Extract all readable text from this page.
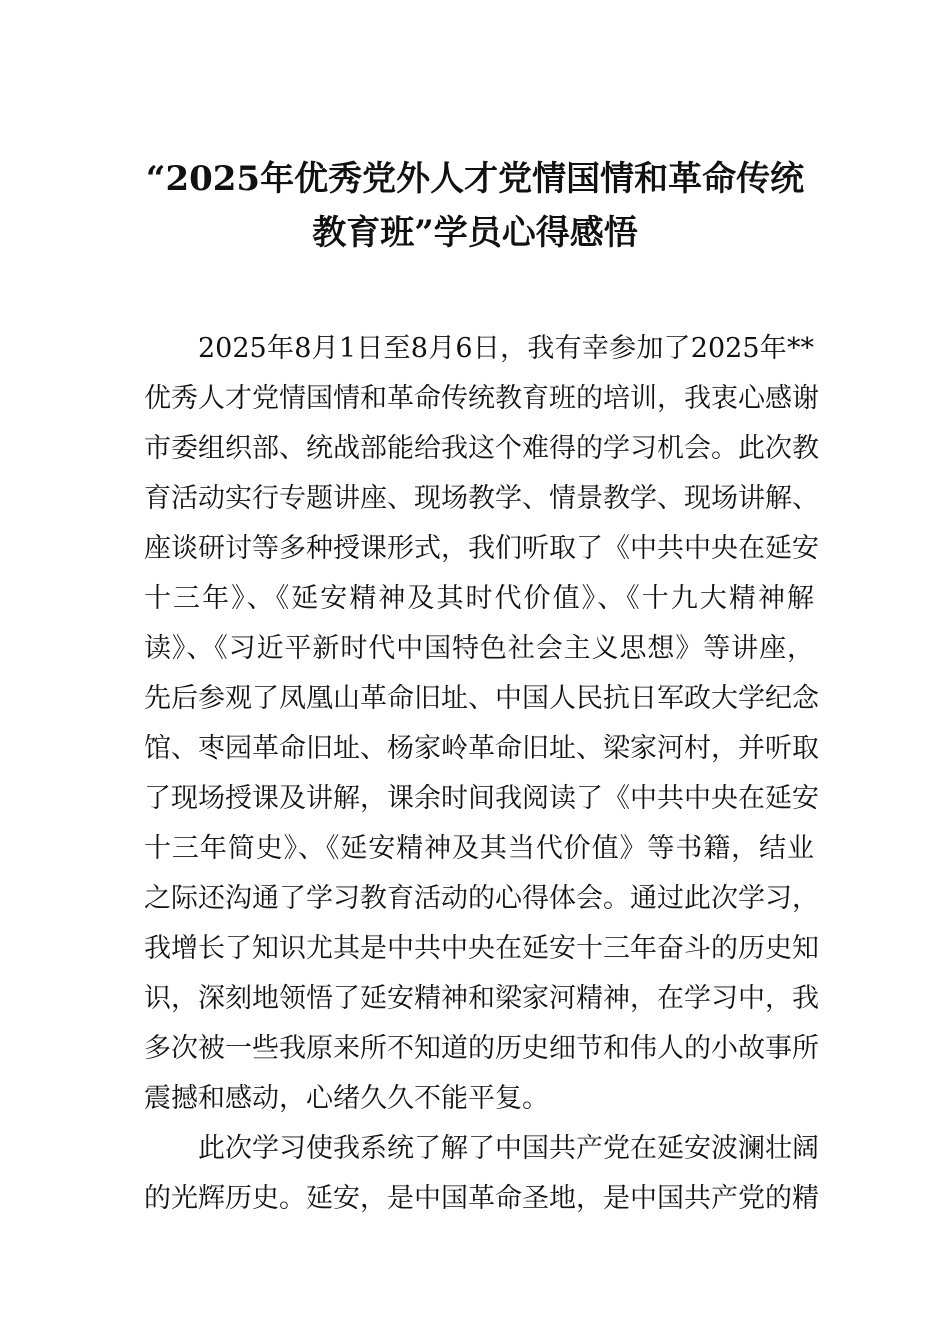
“2025年优秀党外人才党情国情和革命传统
教育班”学员心得感悟
2025年8月1日至8月6日，我有幸参加了2025年**
优秀人才党情国情和革命传统教育班的培训，我衷心感谢
市委组织部、统战部能给我这个难得的学习机会。此次教
育活动实行专题讲座、现场教学、情景教学、现场讲解、
座谈研讨等多种授课形式，我们听取了《中共中央在延安
十三年》、《延安精神及其时代价值》、《十九大精神解
读》、《习近平新时代中国特色社会主义思想》等讲座，
先后参观了凤凰山革命旧址、中国人民抗日军政大学纪念
馆、枣园革命旧址、杨家岭革命旧址、梁家河村，并听取
了现场授课及讲解，课余时间我阅读了《中共中央在延安
十三年简史》、《延安精神及其当代价值》等书籍，结业
之际还沟通了学习教育活动的心得体会。通过此次学习，
我增长了知识尤其是中共中央在延安十三年奋斗的历史知
识，深刻地领悟了延安精神和梁家河精神，在学习中，我
多次被一些我原来所不知道的历史细节和伟人的小故事所
震撼和感动，心绪久久不能平复。
此次学习使我系统了解了中国共产党在延安波澜壮阔
的光辉历史。延安，是中国革命圣地，是中国共产党的精
